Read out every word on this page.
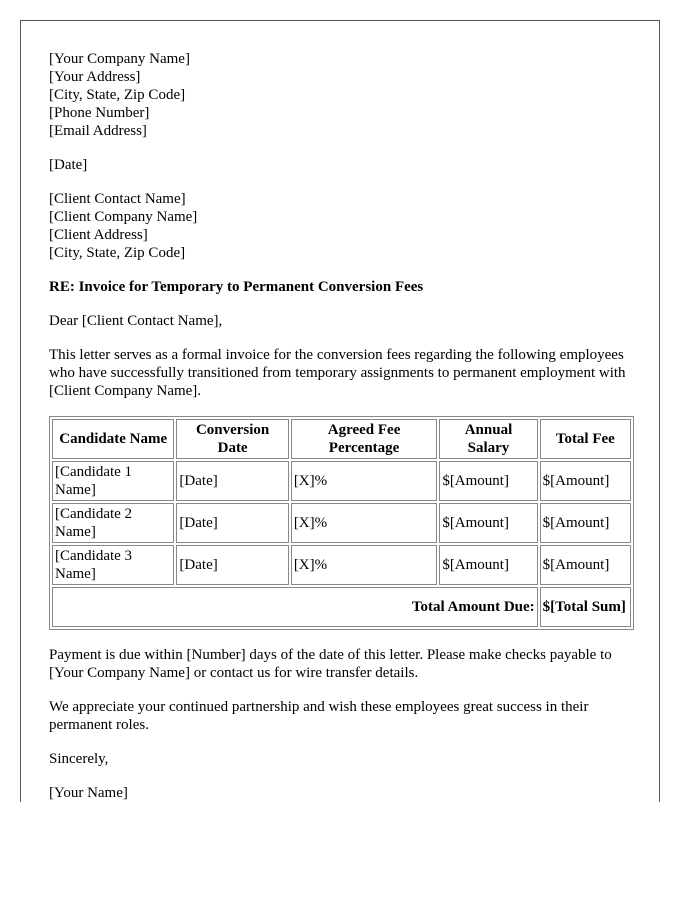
[Your Company Name]
[Your Address]
[City, State, Zip Code]
[Phone Number]
[Email Address]

[Date]

[Client Contact Name]
[Client Company Name]
[Client Address]
[City, State, Zip Code]

RE: Invoice for Temporary to Permanent Conversion Fees

Dear [Client Contact Name],

This letter serves as a formal invoice for the conversion fees regarding the following employees who have successfully transitioned from temporary assignments to permanent employment with [Client Company Name].

Candidate Name	Conversion Date	Agreed Fee Percentage	Annual Salary	Total Fee
[Candidate 1 Name]	[Date]	[X]%	$[Amount]	$[Amount]
[Candidate 2 Name]	[Date]	[X]%	$[Amount]	$[Amount]
[Candidate 3 Name]	[Date]	[X]%	$[Amount]	$[Amount]
Total Amount Due:				$[Total Sum]

Payment is due within [Number] days of the date of this letter. Please make checks payable to [Your Company Name] or contact us for wire transfer details.

We appreciate your continued partnership and wish these employees great success in their permanent roles.

Sincerely,

[Your Name]
